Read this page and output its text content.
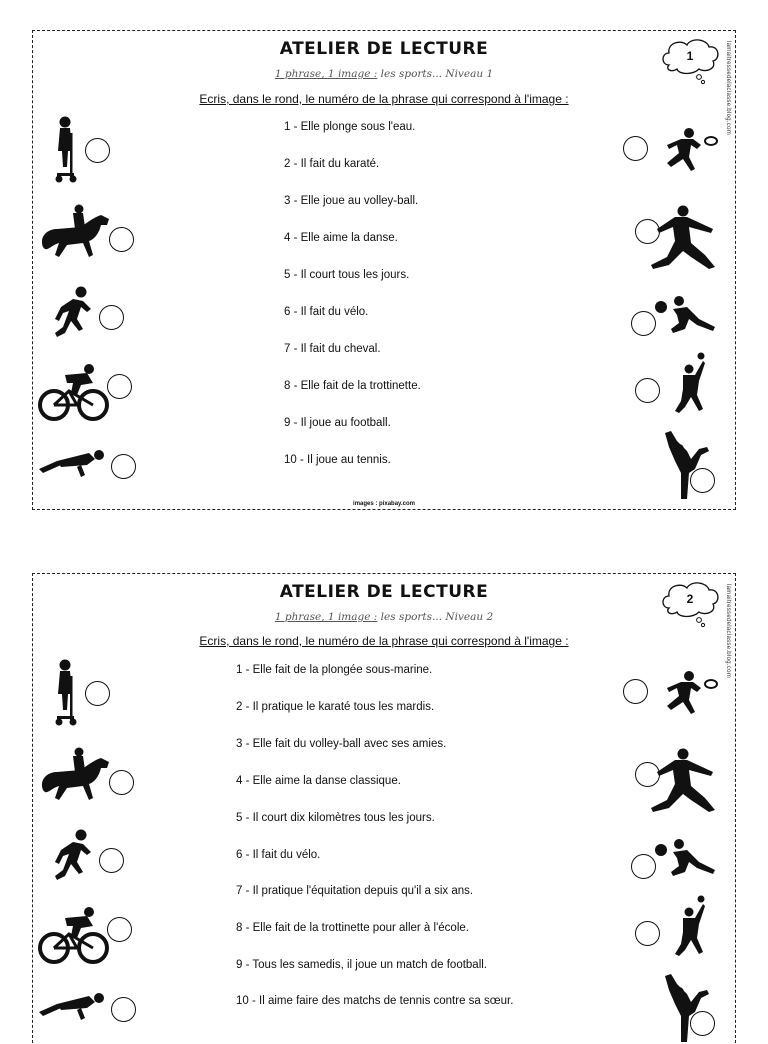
ATELIER DE LECTURE
1 phrase, 1 image : les sports... Niveau 1
Ecris, dans le rond, le numéro de la phrase qui correspond à l'image :
1	lamaitressedelaclasse.blog.com
1 - Elle plonge sous l'eau.
2 - Il fait du karaté.
3 - Elle joue au volley-ball.
4 - Elle aime la danse.
5 - Il court tous les jours.
6 - Il fait du vélo.
7 - Il fait du cheval.
8 - Elle fait de la trottinette.
9 - Il joue au football.
10 - Il joue au tennis.
images : pixabay.com
ATELIER DE LECTURE
1 phrase, 1 image : les sports... Niveau 2
Ecris, dans le rond, le numéro de la phrase qui correspond à l'image :
2	lamaitressedelaclasse.blog.com
1 - Elle fait de la plongée sous-marine.
2 - Il pratique le karaté tous les mardis.
3 - Elle fait du volley-ball avec ses amies.
4 - Elle aime la danse classique.
5 - Il court dix kilomètres tous les jours.
6 - Il fait du vélo.
7 - Il pratique l'équitation depuis qu'il a six ans.
8 - Elle fait de la trottinette pour aller à l'école.
9 - Tous les samedis, il joue un match de football.
10 - Il aime faire des matchs de tennis contre sa sœur.
